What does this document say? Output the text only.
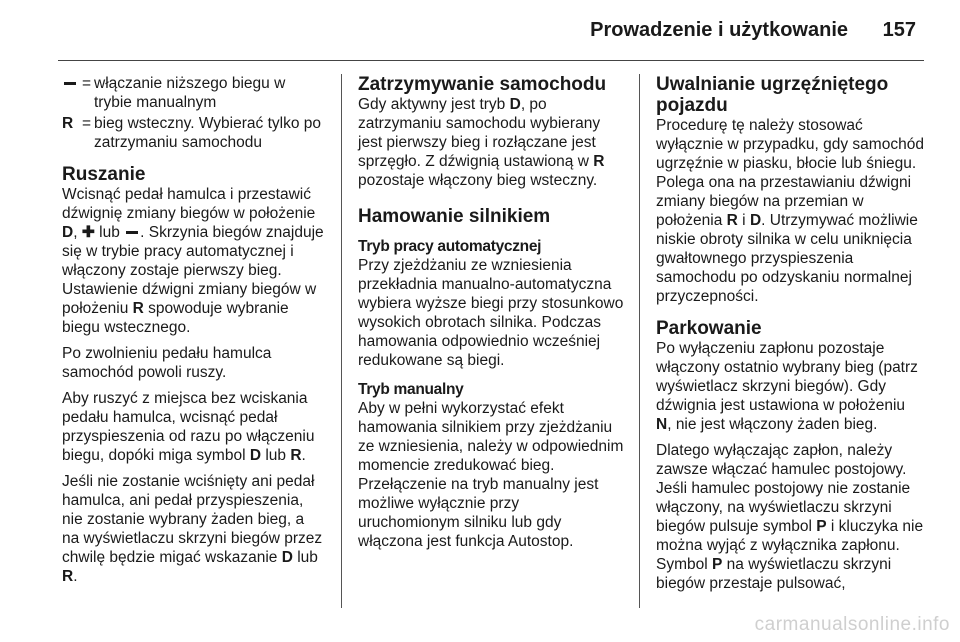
Prowadzenie i użytkowanie 157
= włączanie niższego biegu w trybie manualnym
R = bieg wsteczny. Wybierać tylko po zatrzymaniu samochodu
Ruszanie

Wcisnąć pedał hamulca i przestawić dźwignię zmiany biegów w położenie D, ✚ lub . Skrzynia biegów znajduje się w trybie pracy automatycznej i włączony zostaje pierwszy bieg. Ustawienie dźwigni zmiany biegów w położeniu R spowoduje wybranie biegu wstecznego.

Po zwolnieniu pedału hamulca samochód powoli ruszy.

Aby ruszyć z miejsca bez wciskania pedału hamulca, wcisnąć pedał przyspieszenia od razu po włączeniu biegu, dopóki miga symbol D lub R.

Jeśli nie zostanie wciśnięty ani pedał hamulca, ani pedał przyspieszenia, nie zostanie wybrany żaden bieg, a na wyświetlaczu skrzyni biegów przez chwilę będzie migać wskazanie D lub R.

Zatrzymywanie samochodu

Gdy aktywny jest tryb D, po zatrzymaniu samochodu wybierany jest pierwszy bieg i rozłączane jest sprzęgło. Z dźwignią ustawioną w R pozostaje włączony bieg wsteczny.

Hamowanie silnikiem
Tryb pracy automatycznej

Przy zjeżdżaniu ze wzniesienia przekładnia manualno-automatyczna wybiera wyższe biegi przy stosunkowo wysokich obrotach silnika. Podczas hamowania odpowiednio wcześniej redukowane są biegi.

Tryb manualny

Aby w pełni wykorzystać efekt hamowania silnikiem przy zjeżdżaniu ze wzniesienia, należy w odpowiednim momencie zredukować bieg. Przełączenie na tryb manualny jest możliwe wyłącznie przy uruchomionym silniku lub gdy włączona jest funkcja Autostop.

Uwalnianie ugrzęźniętego pojazdu

Procedurę tę należy stosować wyłącznie w przypadku, gdy samochód ugrzęźnie w piasku, błocie lub śniegu. Polega ona na przestawianiu dźwigni zmiany biegów na przemian w położenia R i D. Utrzymywać możliwie niskie obroty silnika w celu uniknięcia gwałtownego przyspieszenia samochodu po odzyskaniu normalnej przyczepności.

Parkowanie

Po wyłączeniu zapłonu pozostaje włączony ostatnio wybrany bieg (patrz wyświetlacz skrzyni biegów). Gdy dźwignia jest ustawiona w położeniu N, nie jest włączony żaden bieg.

Dlatego wyłączając zapłon, należy zawsze włączać hamulec postojowy. Jeśli hamulec postojowy nie zostanie włączony, na wyświetlaczu skrzyni biegów pulsuje symbol P i kluczyka nie można wyjąć z wyłącznika zapłonu. Symbol P na wyświetlaczu skrzyni biegów przestaje pulsować,

carmanualsonline.info
